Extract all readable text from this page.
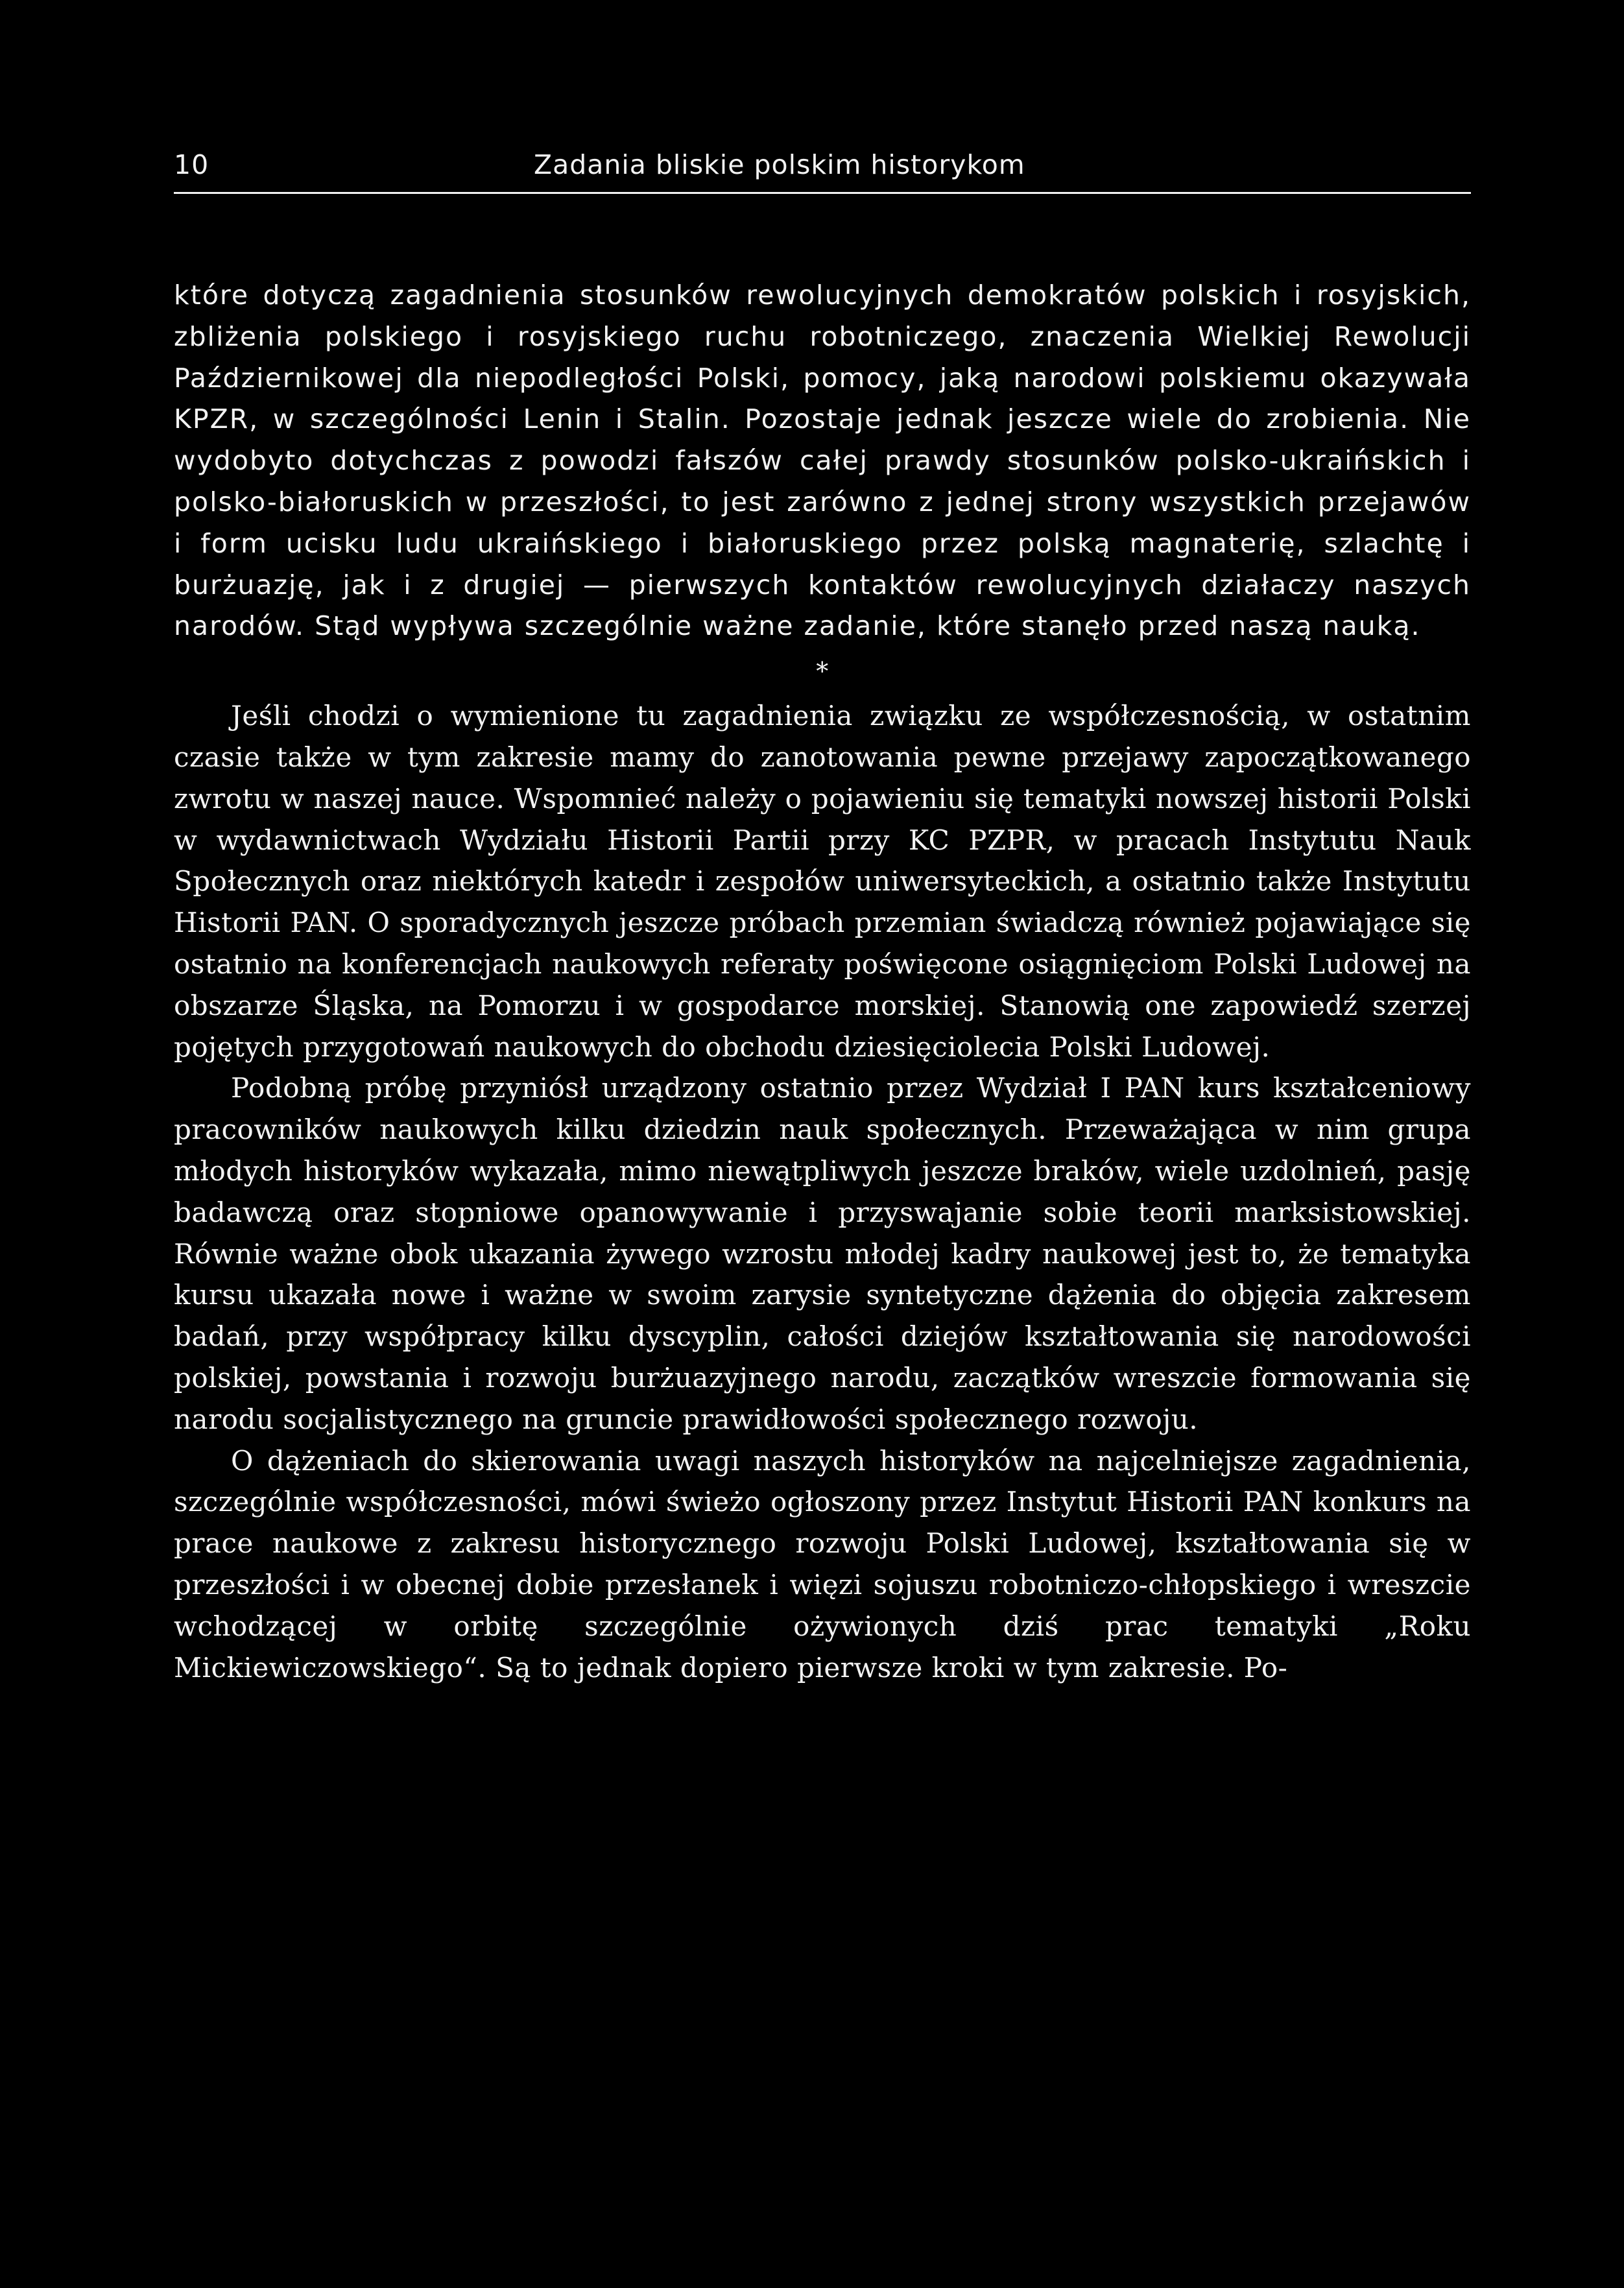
10	Zadania bliskie polskim historykom

które dotyczą zagadnienia stosunków rewolucyjnych demokratów polskich i rosyjskich, zbliżenia polskiego i rosyjskiego ruchu robotniczego, znaczenia Wielkiej Rewolucji Październikowej dla niepodległości Polski, pomocy, jaką narodowi polskiemu okazywała KPZR, w szczególności Lenin i Stalin. Pozostaje jednak jeszcze wiele do zrobienia. Nie wydobyto dotychczas z powodzi fałszów całej prawdy stosunków polsko-ukraińskich i polsko-białoruskich w przeszłości, to jest zarówno z jednej strony wszystkich przejawów i form ucisku ludu ukraińskiego i białoruskiego przez polską magnaterię, szlachtę i burżuazję, jak i z drugiej — pierwszych kontaktów rewolucyjnych działaczy naszych narodów. Stąd wypływa szczególnie ważne zadanie, które stanęło przed naszą nauką.

*

Jeśli chodzi o wymienione tu zagadnienia związku ze współczesnością, w ostatnim czasie także w tym zakresie mamy do zanotowania pewne przejawy zapoczątkowanego zwrotu w naszej nauce. Wspomnieć należy o pojawieniu się tematyki nowszej historii Polski w wydawnictwach Wydziału Historii Partii przy KC PZPR, w pracach Instytutu Nauk Społecznych oraz niektórych katedr i zespołów uniwersyteckich, a ostatnio także Instytutu Historii PAN. O sporadycznych jeszcze próbach przemian świadczą również pojawiające się ostatnio na konferencjach naukowych referaty poświęcone osiągnięciom Polski Ludowej na obszarze Śląska, na Pomorzu i w gospodarce morskiej. Stanowią one zapowiedź szerzej pojętych przygotowań naukowych do obchodu dziesięciolecia Polski Ludowej.

Podobną próbę przyniósł urządzony ostatnio przez Wydział I PAN kurs kształceniowy pracowników naukowych kilku dziedzin nauk społecznych. Przeważająca w nim grupa młodych historyków wykazała, mimo niewątpliwych jeszcze braków, wiele uzdolnień, pasję badawczą oraz stopniowe opanowywanie i przyswajanie sobie teorii marksistowskiej. Równie ważne obok ukazania żywego wzrostu młodej kadry naukowej jest to, że tematyka kursu ukazała nowe i ważne w swoim zarysie syntetyczne dążenia do objęcia zakresem badań, przy współpracy kilku dyscyplin, całości dziejów kształtowania się narodowości polskiej, powstania i rozwoju burżuazyjnego narodu, zaczątków wreszcie formowania się narodu socjalistycznego na gruncie prawidłowości społecznego rozwoju.

O dążeniach do skierowania uwagi naszych historyków na najcelniejsze zagadnienia, szczególnie współczesności, mówi świeżo ogłoszony przez Instytut Historii PAN konkurs na prace naukowe z zakresu historycznego rozwoju Polski Ludowej, kształtowania się w przeszłości i w obecnej dobie przesłanek i więzi sojuszu robotniczo-chłopskiego i wreszcie wchodzącej w orbitę szczególnie ożywionych dziś prac tematyki „Roku Mickiewiczowskiego“. Są to jednak dopiero pierwsze kroki w tym zakresie. Po-
